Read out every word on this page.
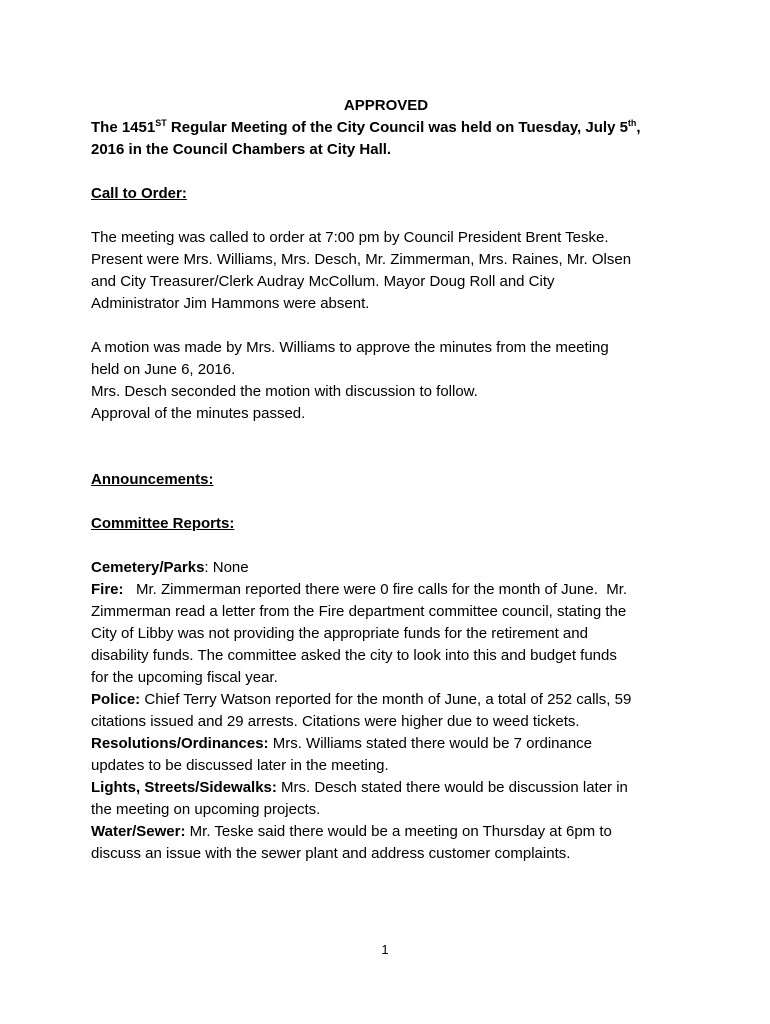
APPROVED
The 1451ST Regular Meeting of the City Council was held on Tuesday, July 5th,
2016 in the Council Chambers at City Hall.
Call to Order:
The meeting was called to order at 7:00 pm by Council President Brent Teske.
Present were Mrs. Williams, Mrs. Desch, Mr. Zimmerman, Mrs. Raines, Mr. Olsen
and City Treasurer/Clerk Audray McCollum. Mayor Doug Roll and City
Administrator Jim Hammons were absent.
A motion was made by Mrs. Williams to approve the minutes from the meeting
held on June 6, 2016.
Mrs. Desch seconded the motion with discussion to follow.
Approval of the minutes passed.
Announcements:
Committee Reports:
Cemetery/Parks: None
Fire:   Mr. Zimmerman reported there were 0 fire calls for the month of June.  Mr.
Zimmerman read a letter from the Fire department committee council, stating the
City of Libby was not providing the appropriate funds for the retirement and
disability funds. The committee asked the city to look into this and budget funds
for the upcoming fiscal year.
Police: Chief Terry Watson reported for the month of June, a total of 252 calls, 59
citations issued and 29 arrests. Citations were higher due to weed tickets.
Resolutions/Ordinances: Mrs. Williams stated there would be 7 ordinance
updates to be discussed later in the meeting.
Lights, Streets/Sidewalks: Mrs. Desch stated there would be discussion later in
the meeting on upcoming projects.
Water/Sewer: Mr. Teske said there would be a meeting on Thursday at 6pm to
discuss an issue with the sewer plant and address customer complaints.
1
